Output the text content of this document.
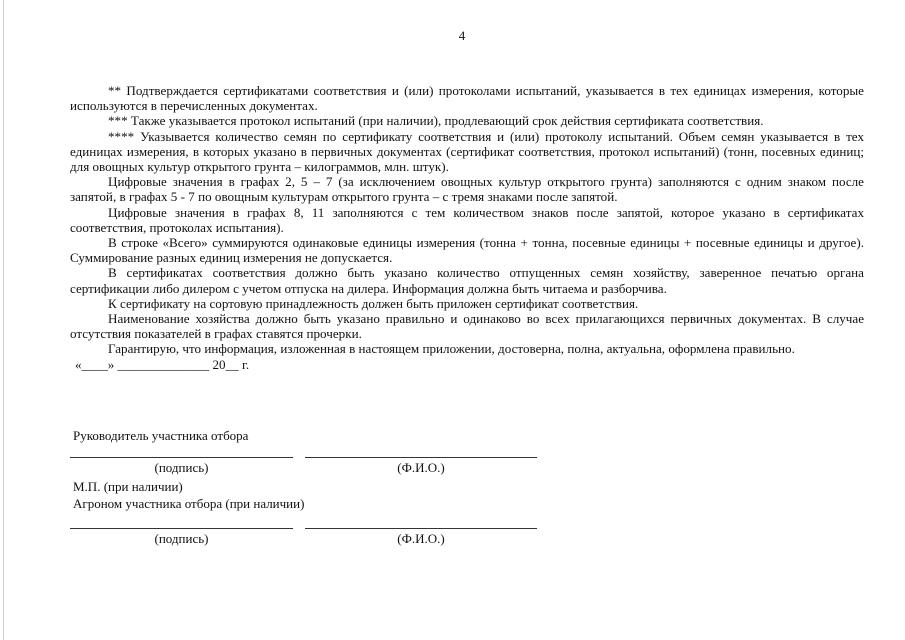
4

** Подтверждается сертификатами соответствия и (или) протоколами испытаний, указывается в тех единицах измерения, которые используются в перечисленных документах.

*** Также указывается протокол испытаний (при наличии), продлевающий срок действия сертификата соответствия.

**** Указывается количество семян по сертификату соответствия и (или) протоколу испытаний. Объем семян указывается в тех единицах измерения, в которых указано в первичных документах (сертификат соответствия, протокол испытаний) (тонн, посевных единиц; для овощных культур открытого грунта – килограммов, млн. штук).

Цифровые значения в графах 2, 5 – 7 (за исключением овощных культур открытого грунта) заполняются с одним знаком после запятой, в графах 5 - 7 по овощным культурам открытого грунта – с тремя знаками после запятой.

Цифровые значения в графах 8, 11 заполняются с тем количеством знаков после запятой, которое указано в сертификатах соответствия, протоколах испытания).

В строке «Всего» суммируются одинаковые единицы измерения (тонна + тонна, посевные единицы + посевные единицы и другое). Суммирование разных единиц измерения не допускается.

В сертификатах соответствия должно быть указано количество отпущенных семян хозяйству, заверенное печатью органа сертификации либо дилером с учетом отпуска на дилера. Информация должна быть читаема и разборчива.

К сертификату на сортовую принадлежность должен быть приложен сертификат соответствия.

Наименование хозяйства должно быть указано правильно и одинаково во всех прилагающихся первичных документах. В случае отсутствия показателей в графах ставятся прочерки.

Гарантирую, что информация, изложенная в настоящем приложении, достоверна, полна, актуальна, оформлена правильно.

«____» ______________ 20__ г.

Руководитель участника отбора
(подпись)	(Ф.И.О.)
М.П. (при наличии)
Агроном участника отбора (при наличии)
(подпись)	(Ф.И.О.)
